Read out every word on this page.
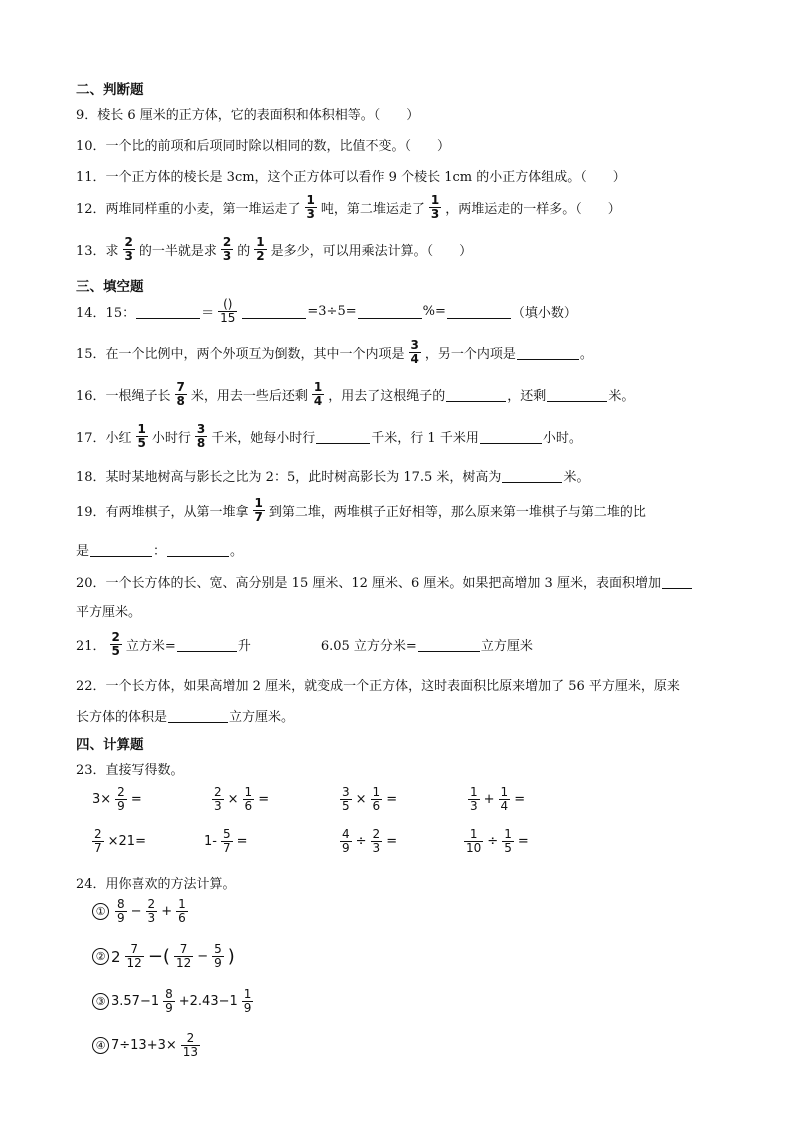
二、判断题
9．棱长 6 厘米的正方体，它的表面积和体积相等。（　　）
10．一个比的前项和后项同时除以相同的数，比值不变。（　　）
11．一个正方体的棱长是 3cm，这个正方体可以看作 9 个棱长 1cm 的小正方体组成。（　　）
12．两堆同样重的小麦，第一堆运走了 $\frac{1}{3}$ 吨，第二堆运走了 $\frac{1}{3}$ ，两堆运走的一样多。（　　）
13．求 $\frac{2}{3}$ 的一半就是求 $\frac{2}{3}$ 的 $\frac{1}{2}$ 是多少，可以用乘法计算。（　　）
三、填空题
14．15：	＝ $\frac{()}{15}$	=3÷5=	%=	（填小数）
15．在一个比例中，两个外项互为倒数，其中一个内项是 $\frac{3}{4}$ ，另一个内项是	。
16．一根绳子长 $\frac{7}{8}$ 米，用去一些后还剩 $\frac{1}{4}$ ，用去了这根绳子的	，还剩	米。
17．小红 $\frac{1}{5}$ 小时行 $\frac{3}{8}$ 千米，她每小时行	千米，行 1 千米用	小时。
18．某时某地树高与影长之比为 2：5，此时树高影长为 17.5 米，树高为	米。
19．有两堆棋子，从第一堆拿 $\frac{1}{7}$ 到第二堆，两堆棋子正好相等，那么原来第一堆棋子与第二堆的比
是	：	。
20．一个长方体的长、宽、高分别是 15 厘米、12 厘米、6 厘米。如果把高增加 3 厘米，表面积增加
平方厘米。
21． $\frac{2}{5}$ 立方米=	升	6.05 立方分米=	立方厘米
22．一个长方体，如果高增加 2 厘米，就变成一个正方体，这时表面积比原来增加了 56 平方厘米，原来
长方体的体积是	立方厘米。
四、计算题
23．直接写得数。
$3\times \frac{2}{9}$ =	$\frac{2}{3} \times \frac{1}{6}$ =	$\frac{3}{5} \times \frac{1}{6}$ =	$\frac{1}{3} + \frac{1}{4}$ =
$\frac{2}{7} \times 21=$	$1- \frac{5}{7}$ =	$\frac{4}{9} \div \frac{2}{3}$ =	$\frac{1}{10} \div \frac{1}{5}$ =
24．用你喜欢的方法计算。
① $\frac{8}{9} - \frac{2}{3} + \frac{1}{6}$
② $2 \frac{7}{12}$ −( $\frac{7}{12} - \frac{5}{9}$ )
③ $3.57-1 \frac{8}{9} +2.43-1 \frac{1}{9}$
④ $7\div 13+3\times \frac{2}{13}$
